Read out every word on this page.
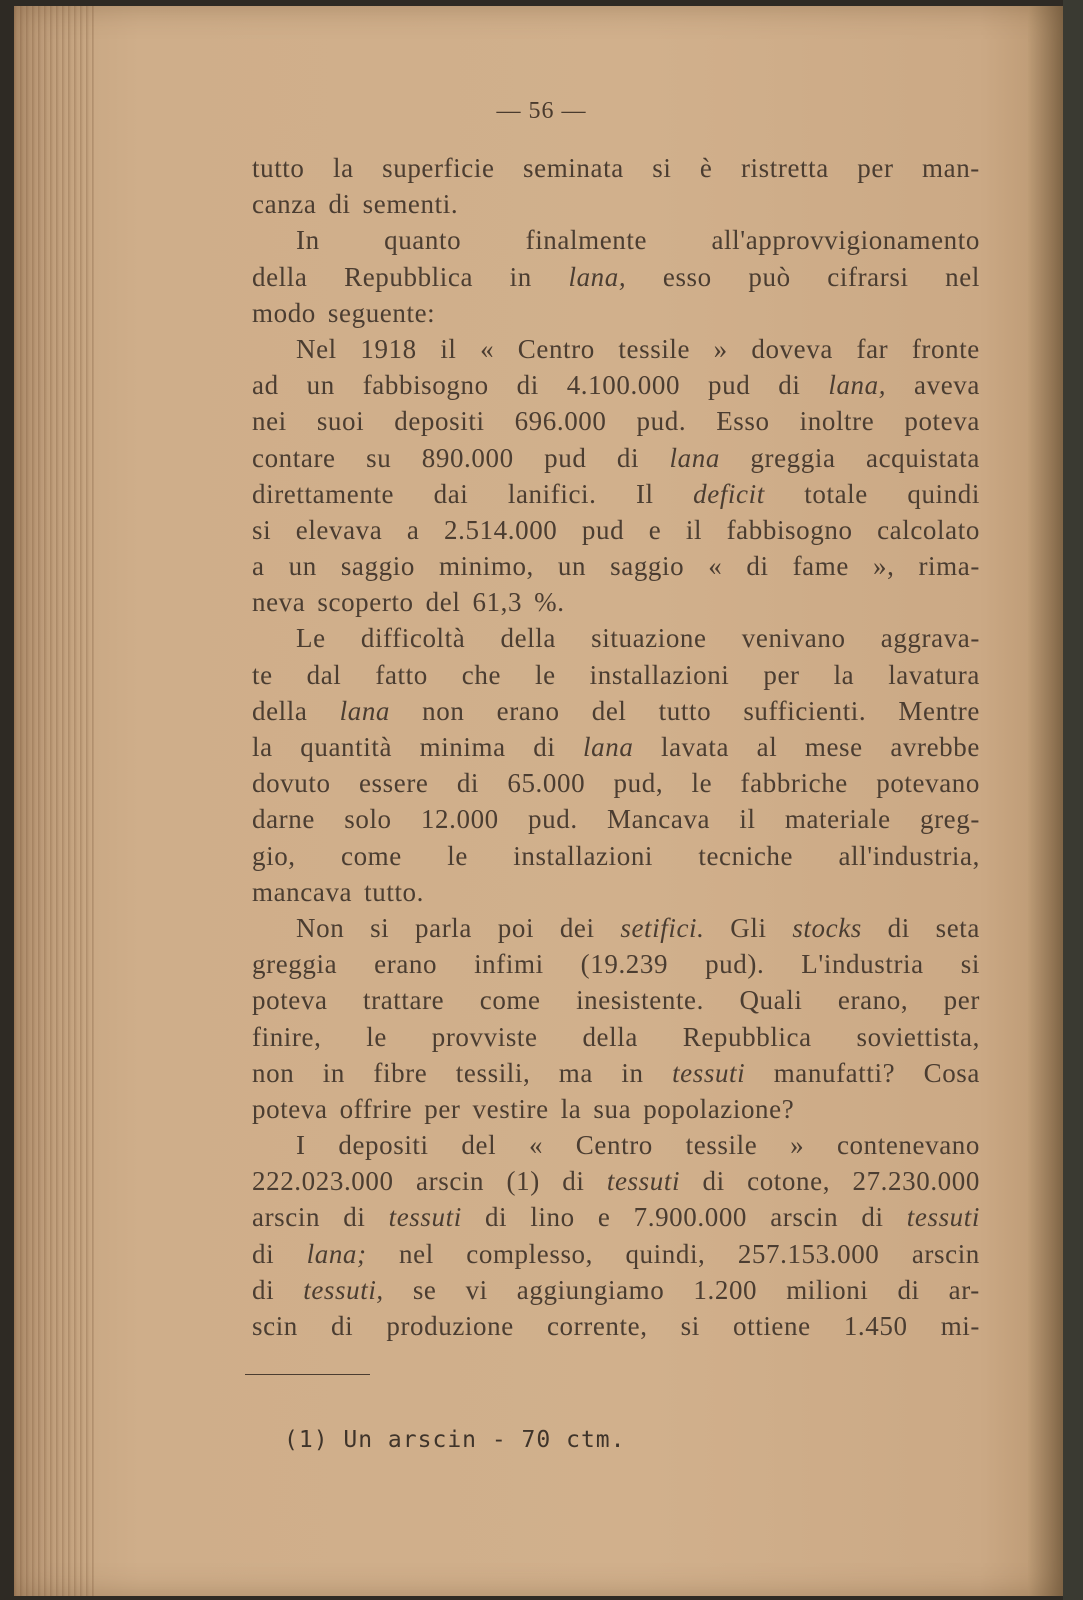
— 56 —
tutto la superficie seminata si è ristretta per man-
canza di sementi.
In quanto finalmente all'approvvigionamento
della Repubblica in lana, esso può cifrarsi nel
modo seguente:
Nel 1918 il « Centro tessile » doveva far fronte
ad un fabbisogno di 4.100.000 pud di lana, aveva
nei suoi depositi 696.000 pud. Esso inoltre poteva
contare su 890.000 pud di lana greggia acquistata
direttamente dai lanifici. Il deficit totale quindi
si elevava a 2.514.000 pud e il fabbisogno calcolato
a un saggio minimo, un saggio « di fame », rima-
neva scoperto del 61,3 %.
Le difficoltà della situazione venivano aggrava-
te dal fatto che le installazioni per la lavatura
della lana non erano del tutto sufficienti. Mentre
la quantità minima di lana lavata al mese avrebbe
dovuto essere di 65.000 pud, le fabbriche potevano
darne solo 12.000 pud. Mancava il materiale greg-
gio, come le installazioni tecniche all'industria,
mancava tutto.
Non si parla poi dei setifici. Gli stocks di seta
greggia erano infimi (19.239 pud). L'industria si
poteva trattare come inesistente. Quali erano, per
finire, le provviste della Repubblica soviettista,
non in fibre tessili, ma in tessuti manufatti? Cosa
poteva offrire per vestire la sua popolazione?
I depositi del « Centro tessile » contenevano
222.023.000 arscin (1) di tessuti di cotone, 27.230.000
arscin di tessuti di lino e 7.900.000 arscin di tessuti
di lana; nel complesso, quindi, 257.153.000 arscin
di tessuti, se vi aggiungiamo 1.200 milioni di ar-
scin di produzione corrente, si ottiene 1.450 mi-
(1) Un arscin - 70 ctm.
